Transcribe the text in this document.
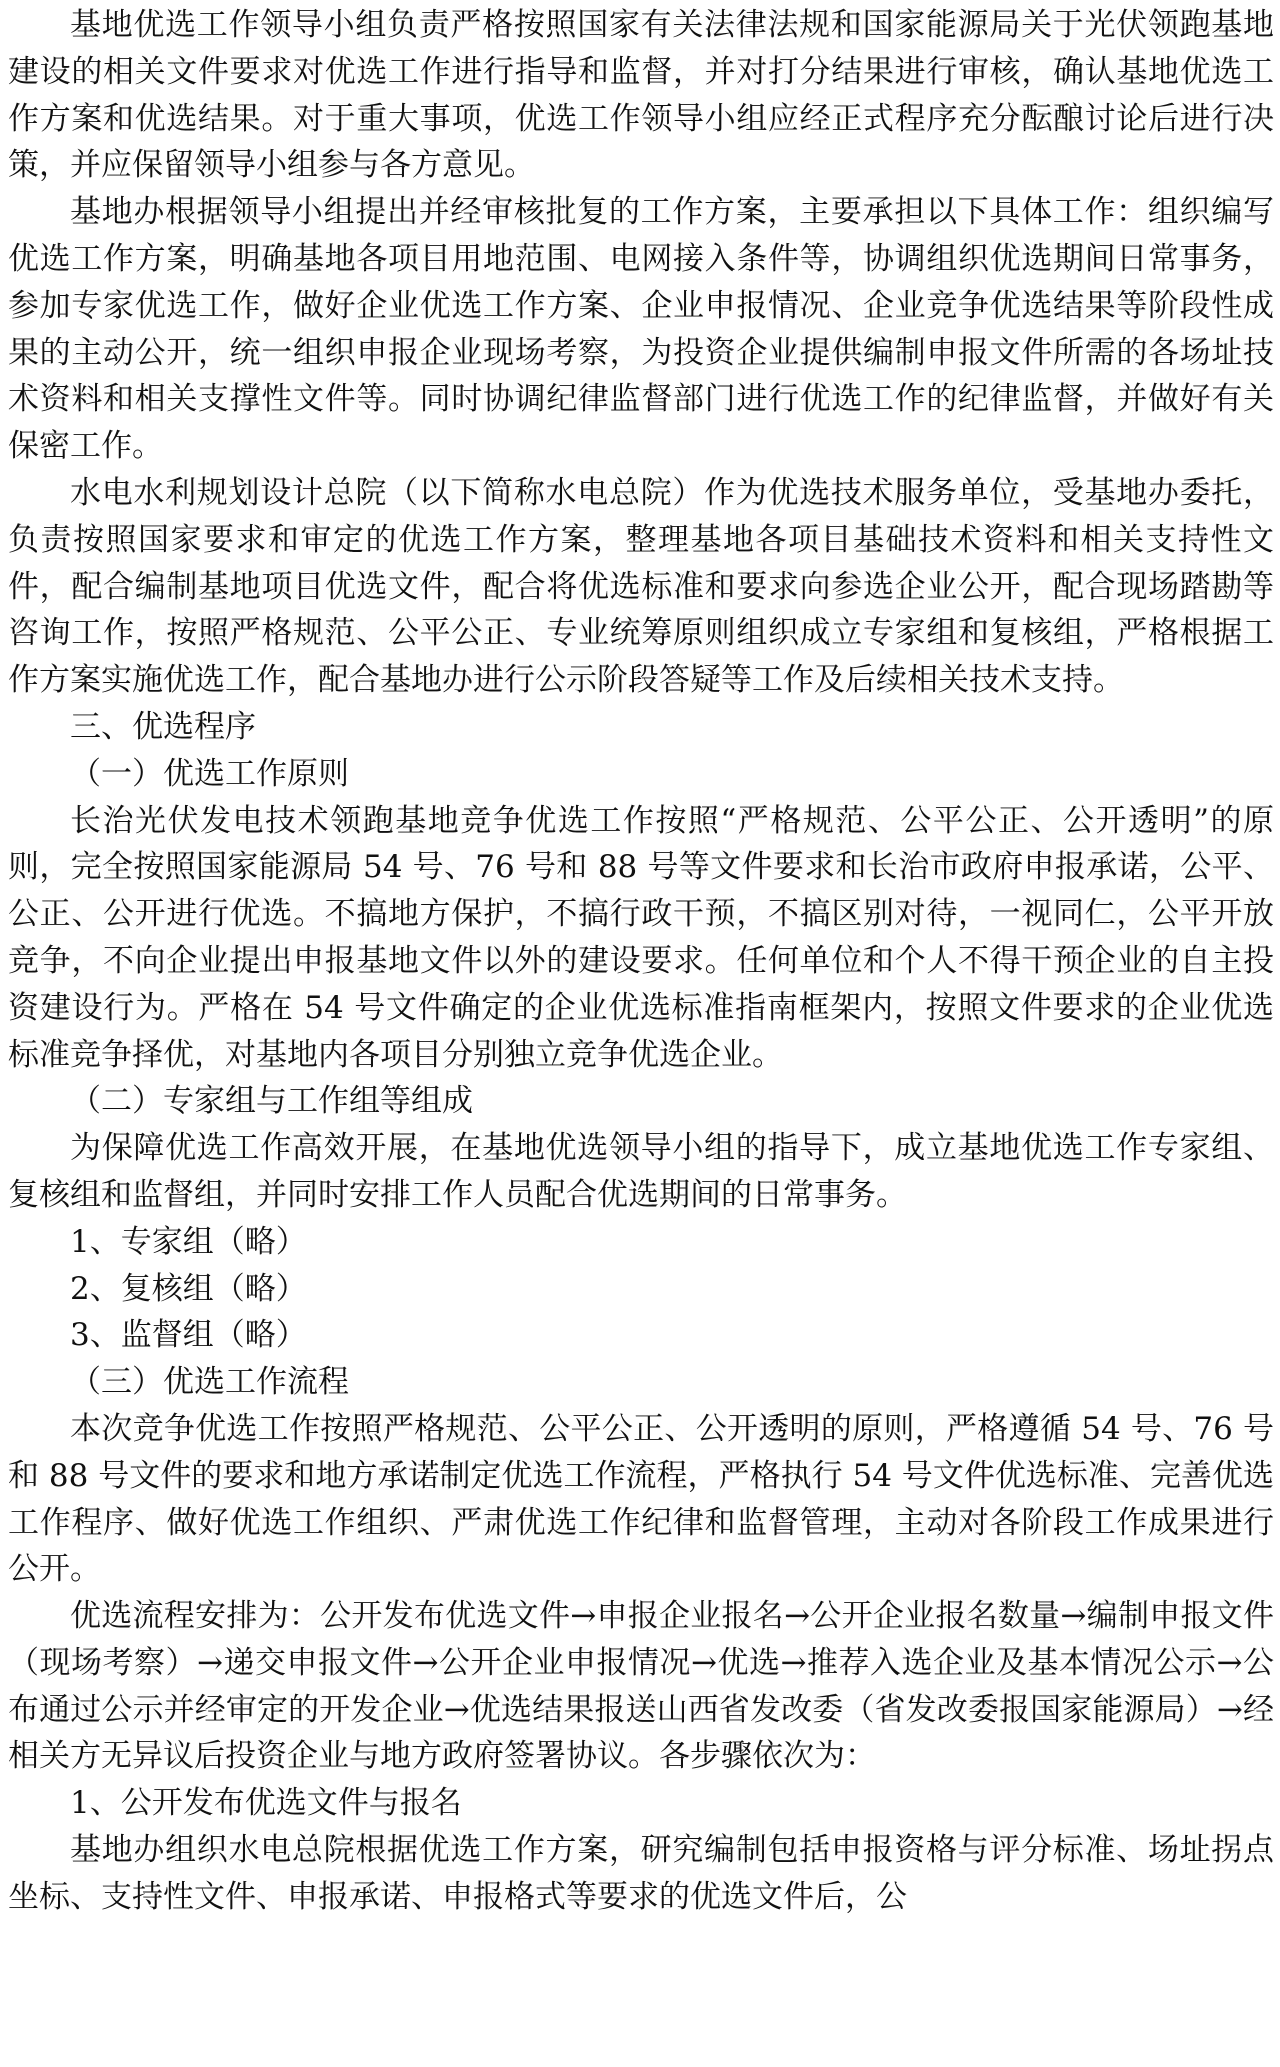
基地优选工作领导小组负责严格按照国家有关法律法规和国家能源局关于光伏领跑基地建设的相关文件要求对优选工作进行指导和监督，并对打分结果进行审核，确认基地优选工作方案和优选结果。对于重大事项，优选工作领导小组应经正式程序充分酝酿讨论后进行决策，并应保留领导小组参与各方意见。

基地办根据领导小组提出并经审核批复的工作方案，主要承担以下具体工作：组织编写优选工作方案，明确基地各项目用地范围、电网接入条件等，协调组织优选期间日常事务，参加专家优选工作，做好企业优选工作方案、企业申报情况、企业竞争优选结果等阶段性成果的主动公开，统一组织申报企业现场考察，为投资企业提供编制申报文件所需的各场址技术资料和相关支撑性文件等。同时协调纪律监督部门进行优选工作的纪律监督，并做好有关保密工作。

水电水利规划设计总院（以下简称水电总院）作为优选技术服务单位，受基地办委托，负责按照国家要求和审定的优选工作方案，整理基地各项目基础技术资料和相关支持性文件，配合编制基地项目优选文件，配合将优选标准和要求向参选企业公开，配合现场踏勘等咨询工作，按照严格规范、公平公正、专业统筹原则组织成立专家组和复核组，严格根据工作方案实施优选工作，配合基地办进行公示阶段答疑等工作及后续相关技术支持。

三、优选程序

（一）优选工作原则

长治光伏发电技术领跑基地竞争优选工作按照“严格规范、公平公正、公开透明”的原则，完全按照国家能源局 54 号、76 号和 88 号等文件要求和长治市政府申报承诺，公平、公正、公开进行优选。不搞地方保护，不搞行政干预，不搞区别对待，一视同仁，公平开放竞争，不向企业提出申报基地文件以外的建设要求。任何单位和个人不得干预企业的自主投资建设行为。严格在 54 号文件确定的企业优选标准指南框架内，按照文件要求的企业优选标准竞争择优，对基地内各项目分别独立竞争优选企业。

（二）专家组与工作组等组成

为保障优选工作高效开展，在基地优选领导小组的指导下，成立基地优选工作专家组、复核组和监督组，并同时安排工作人员配合优选期间的日常事务。

1、专家组（略）

2、复核组（略）

3、监督组（略）

（三）优选工作流程

本次竞争优选工作按照严格规范、公平公正、公开透明的原则，严格遵循 54 号、76 号和 88 号文件的要求和地方承诺制定优选工作流程，严格执行 54 号文件优选标准、完善优选工作程序、做好优选工作组织、严肃优选工作纪律和监督管理，主动对各阶段工作成果进行公开。

优选流程安排为：公开发布优选文件→申报企业报名→公开企业报名数量→编制申报文件（现场考察）→递交申报文件→公开企业申报情况→优选→推荐入选企业及基本情况公示→公布通过公示并经审定的开发企业→优选结果报送山西省发改委（省发改委报国家能源局）→经相关方无异议后投资企业与地方政府签署协议。各步骤依次为：

1、公开发布优选文件与报名

基地办组织水电总院根据优选工作方案，研究编制包括申报资格与评分标准、场址拐点坐标、支持性文件、申报承诺、申报格式等要求的优选文件后，公
